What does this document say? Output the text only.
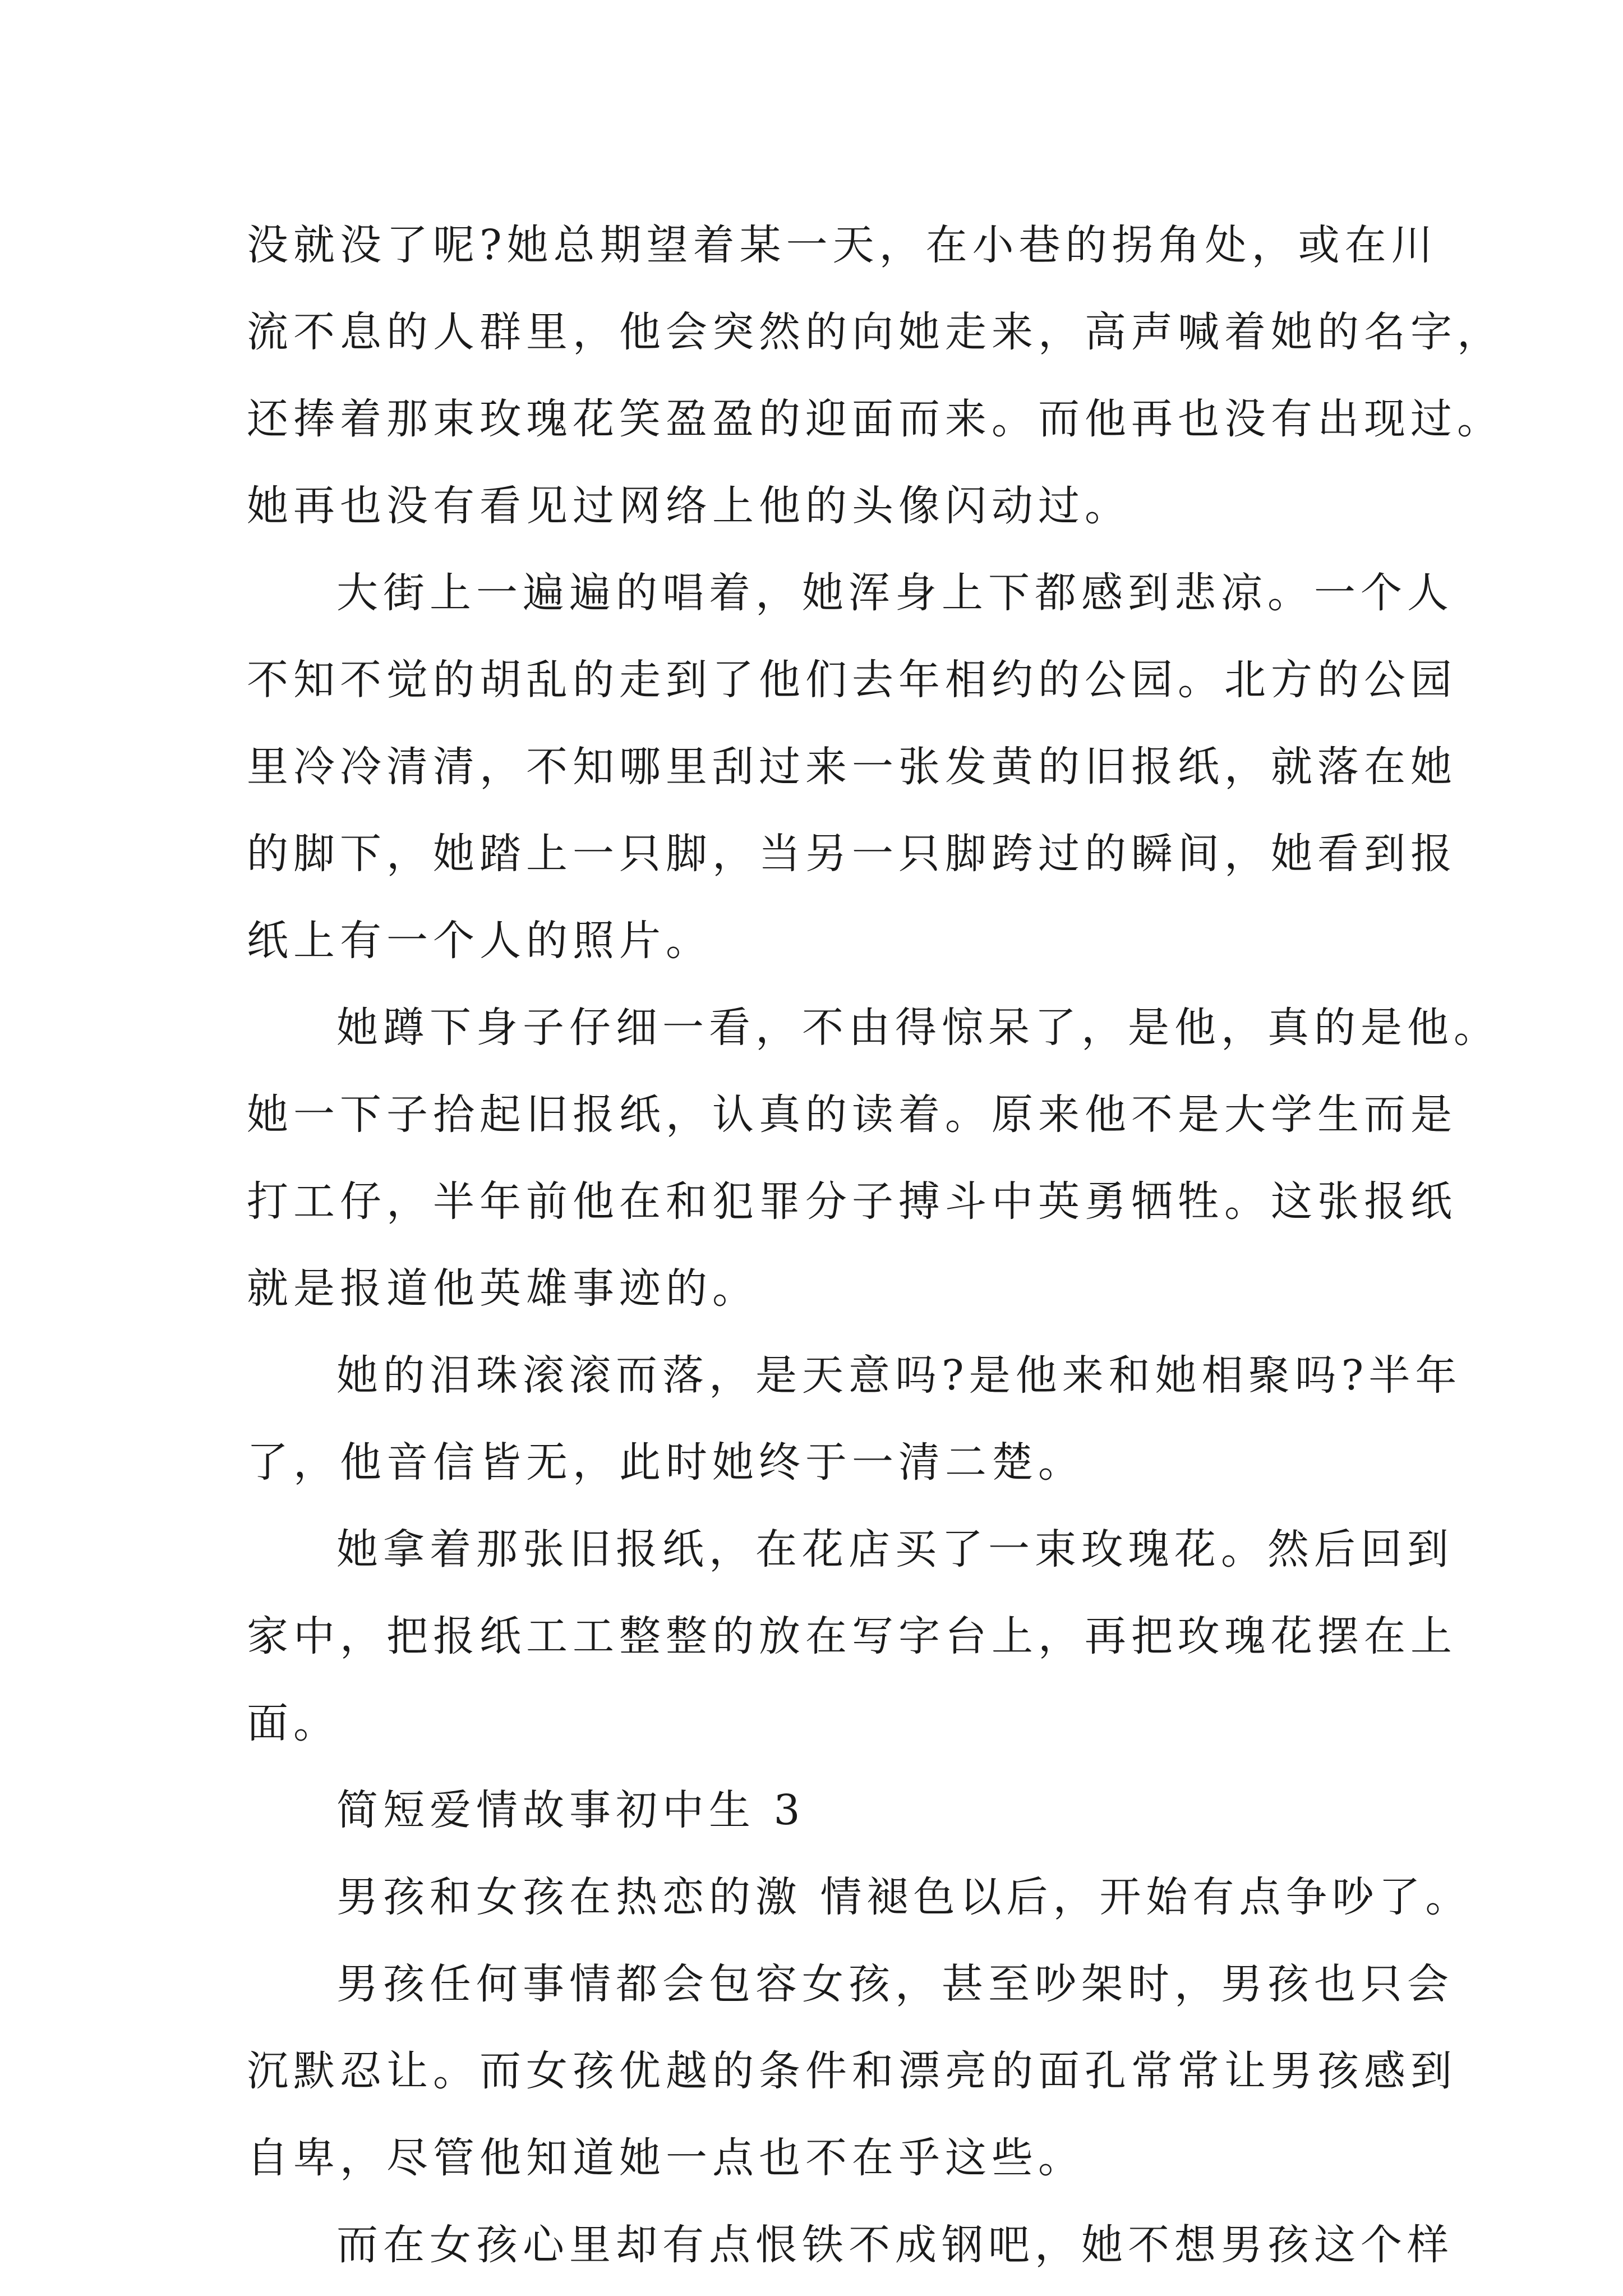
没就没了呢?她总期望着某一天，在小巷的拐角处，或在川
流不息的人群里，他会突然的向她走来，高声喊着她的名字，
还捧着那束玫瑰花笑盈盈的迎面而来。而他再也没有出现过。
她再也没有看见过网络上他的头像闪动过。
大街上一遍遍的唱着，她浑身上下都感到悲凉。一个人
不知不觉的胡乱的走到了他们去年相约的公园。北方的公园
里冷冷清清，不知哪里刮过来一张发黄的旧报纸，就落在她
的脚下，她踏上一只脚，当另一只脚跨过的瞬间，她看到报
纸上有一个人的照片。
她蹲下身子仔细一看，不由得惊呆了，是他，真的是他。
她一下子拾起旧报纸，认真的读着。原来他不是大学生而是
打工仔，半年前他在和犯罪分子搏斗中英勇牺牲。这张报纸
就是报道他英雄事迹的。
她的泪珠滚滚而落，是天意吗?是他来和她相聚吗?半年
了，他音信皆无，此时她终于一清二楚。
她拿着那张旧报纸，在花店买了一束玫瑰花。然后回到
家中，把报纸工工整整的放在写字台上，再把玫瑰花摆在上
面。
简短爱情故事初中生 3
男孩和女孩在热恋的激 情褪色以后，开始有点争吵了。
男孩任何事情都会包容女孩，甚至吵架时，男孩也只会
沉默忍让。而女孩优越的条件和漂亮的面孔常常让男孩感到
自卑，尽管他知道她一点也不在乎这些。
而在女孩心里却有点恨铁不成钢吧，她不想男孩这个样
